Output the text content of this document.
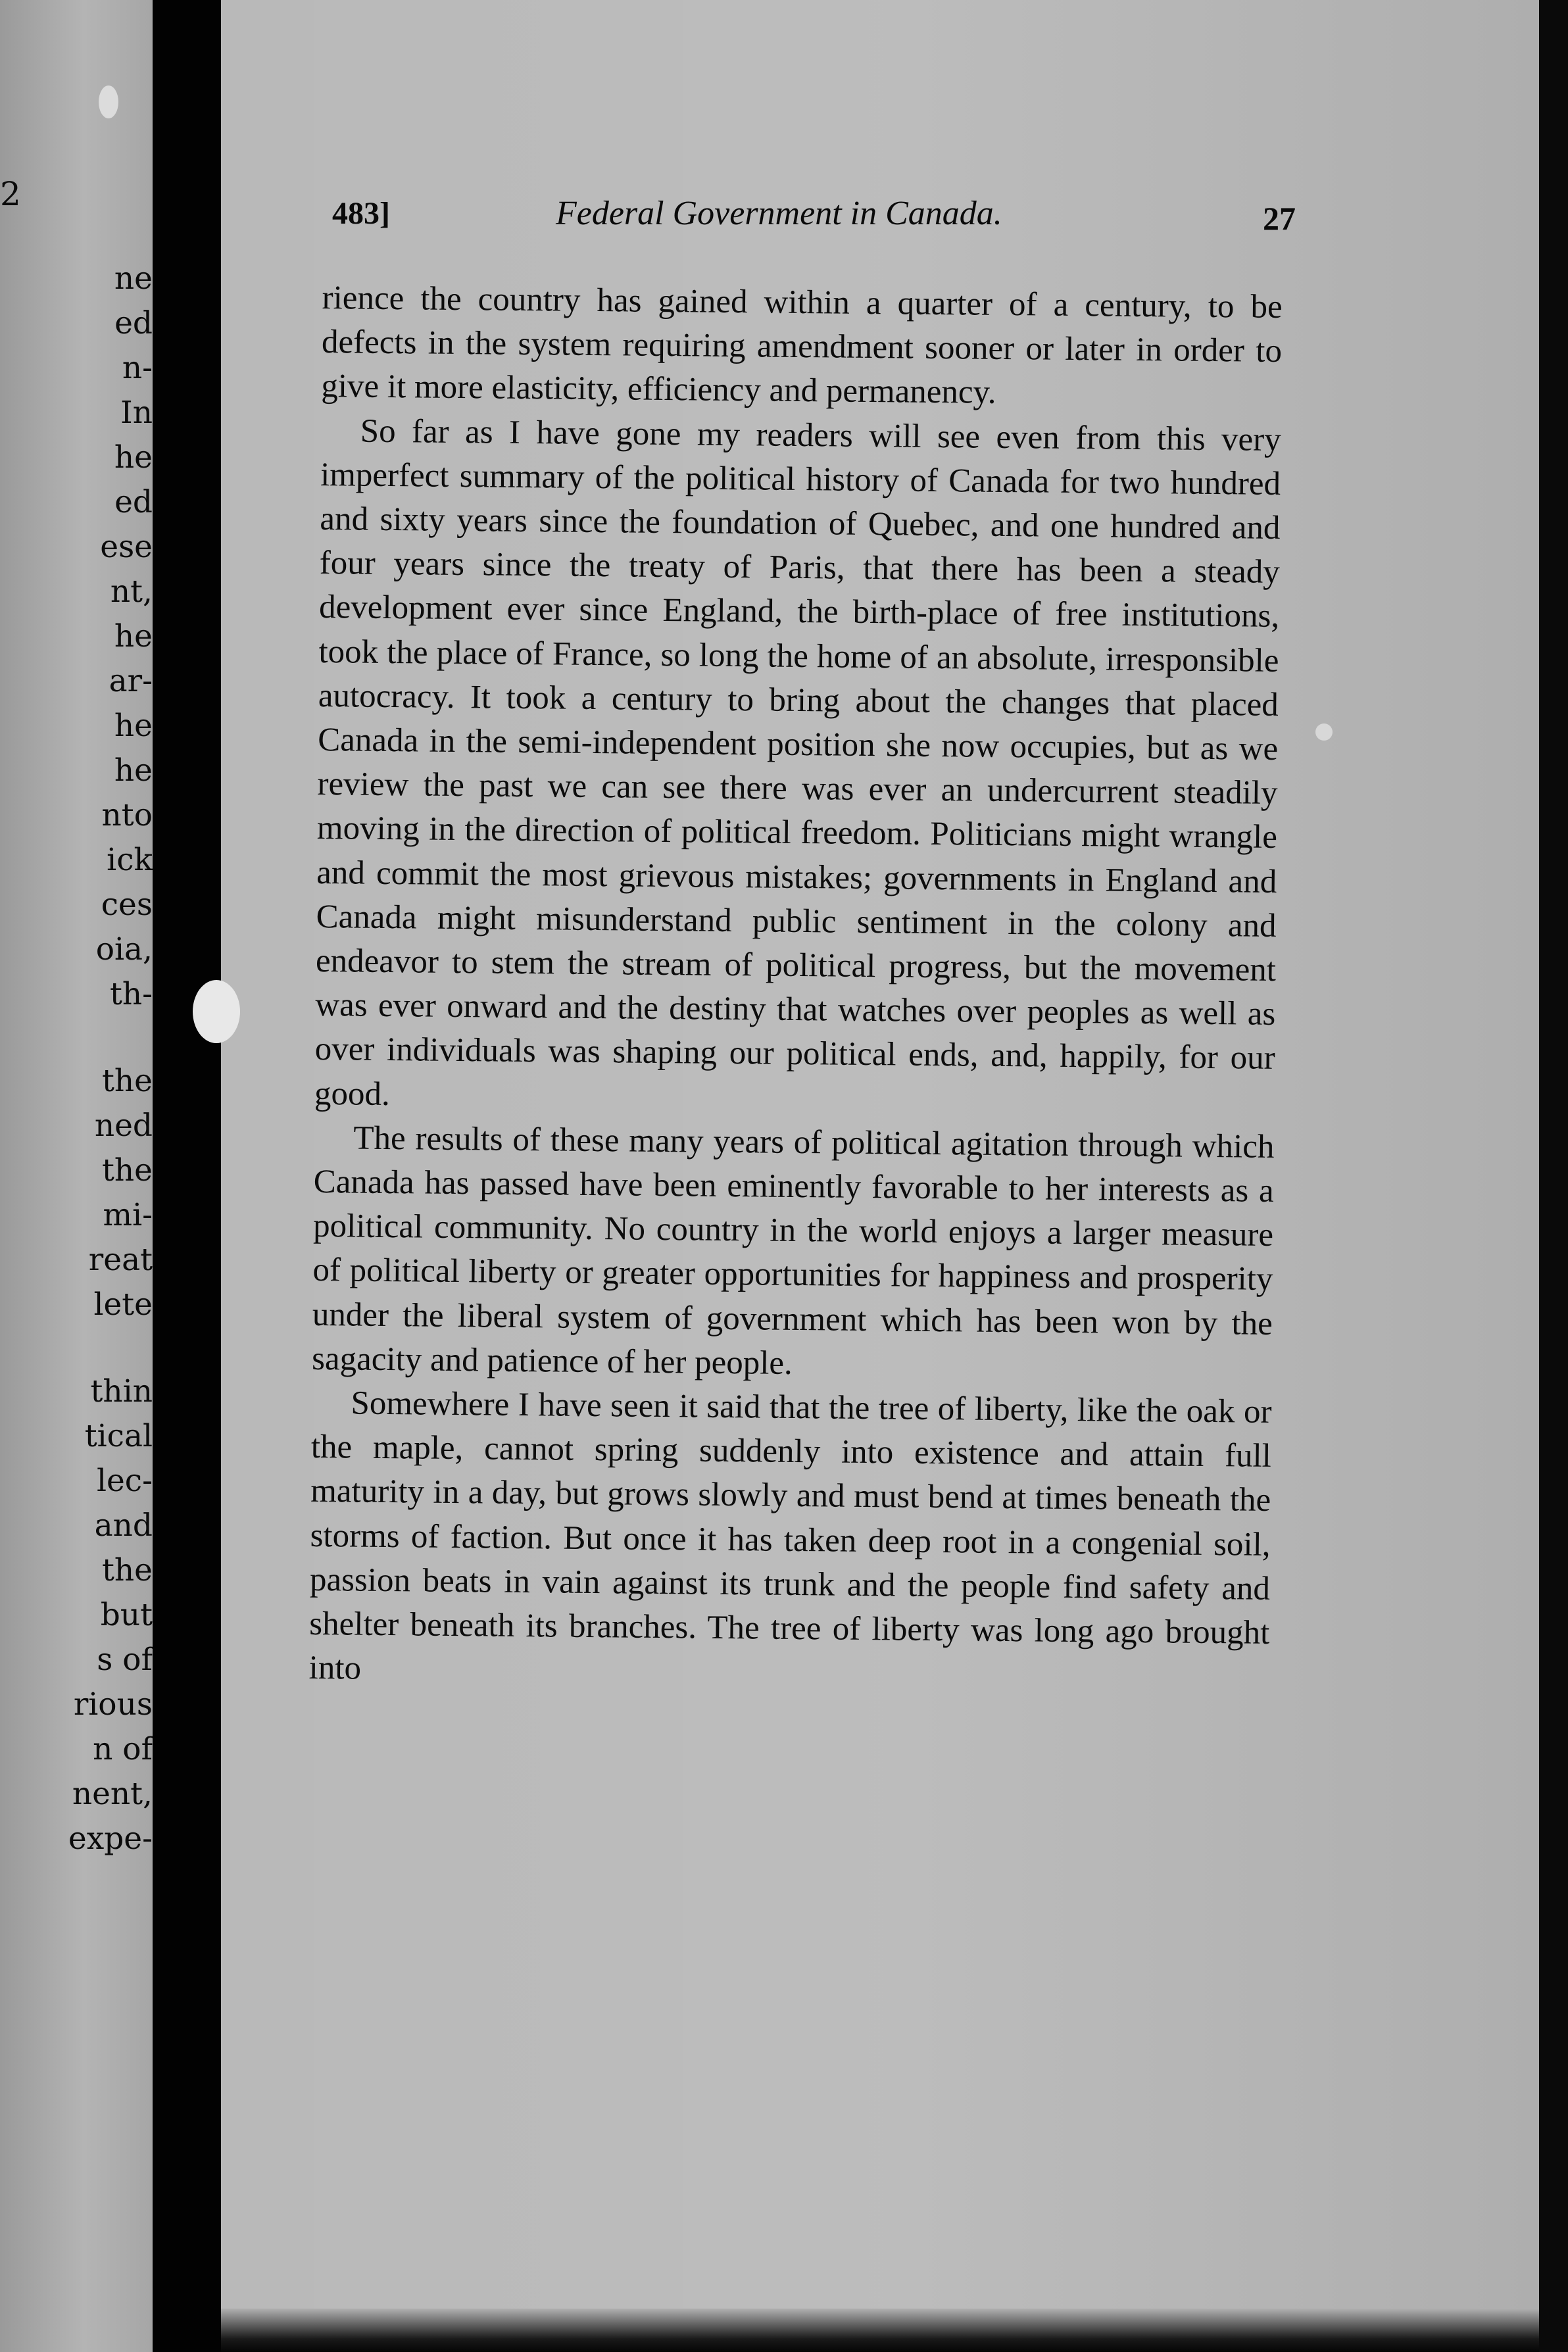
2
ne
ed
n-
In
he
ed
ese
nt,
he
ar-
he
he
nto
ick
ces
oia,
th-
the
ned
the
mi-
reat
lete
thin
tical
lec-
and
the
but
s of
rious
n of
nent,
expe-
483]	Federal Government in Canada.	27

rience the country has gained within a quarter of a century, to be defects in the system requiring amendment sooner or later in order to give it more elasticity, efficiency and permanency.

So far as I have gone my readers will see even from this very imperfect summary of the political history of Canada for two hundred and sixty years since the foundation of Quebec, and one hundred and four years since the treaty of Paris, that there has been a steady development ever since England, the birth-place of free institutions, took the place of France, so long the home of an absolute, irresponsible autocracy. It took a century to bring about the changes that placed Canada in the semi-independent position she now occupies, but as we review the past we can see there was ever an undercurrent steadily moving in the direction of political freedom. Politicians might wrangle and commit the most grievous mistakes; governments in England and Canada might misunderstand public sentiment in the colony and endeavor to stem the stream of political progress, but the movement was ever onward and the destiny that watches over peoples as well as over individuals was shaping our political ends, and, happily, for our good.

The results of these many years of political agitation through which Canada has passed have been eminently favorable to her interests as a political community. No country in the world enjoys a larger measure of political liberty or greater opportunities for happiness and prosperity under the liberal system of government which has been won by the sagacity and patience of her people.

Somewhere I have seen it said that the tree of liberty, like the oak or the maple, cannot spring suddenly into existence and attain full maturity in a day, but grows slowly and must bend at times beneath the storms of faction. But once it has taken deep root in a congenial soil, passion beats in vain against its trunk and the people find safety and shelter beneath its branches. The tree of liberty was long ago brought into
